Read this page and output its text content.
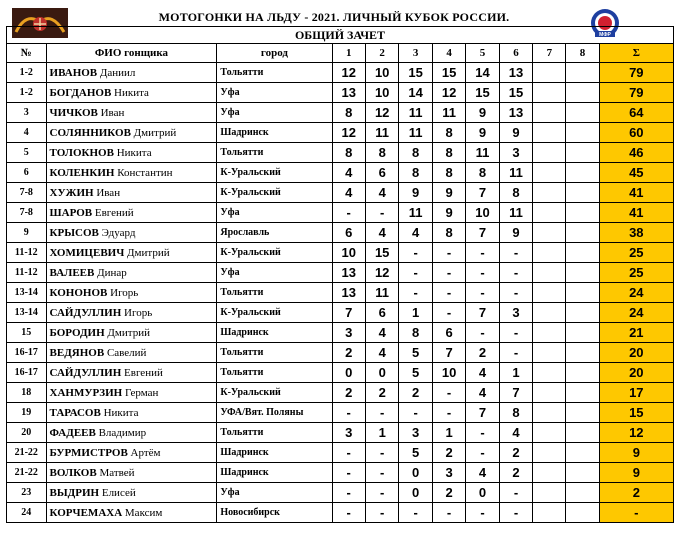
МОТОГОНКИ НА ЛЬДУ - 2021. ЛИЧНЫЙ КУБОК РОССИИ.
МФР
ОБЩИЙ ЗАЧЕТ											
№	ФИО гонщика	город	1	2	3	4	5	6	7	8	Σ
1-2	ИВАНОВ Даниил	Тольятти	12	10	15	15	14	13			79
1-2	БОГДАНОВ Никита	Уфа	13	10	14	12	15	15			79
3	ЧИЧКОВ Иван	Уфа	8	12	11	11	9	13			64
4	СОЛЯННИКОВ Дмитрий	Шадринск	12	11	11	8	9	9			60
5	ТОЛОКНОВ Никита	Тольятти	8	8	8	8	11	3			46
6	КОЛЕНКИН Константин	К-Уральский	4	6	8	8	8	11			45
7-8	ХУЖИН Иван	К-Уральский	4	4	9	9	7	8			41
7-8	ШАРОВ Евгений	Уфа	-	-	11	9	10	11			41
9	КРЫСОВ Эдуард	Ярославль	6	4	4	8	7	9			38
11-12	ХОМИЦЕВИЧ Дмитрий	К-Уральский	10	15	-	-	-	-			25
11-12	ВАЛЕЕВ Динар	Уфа	13	12	-	-	-	-			25
13-14	КОНОНОВ Игорь	Тольятти	13	11	-	-	-	-			24
13-14	САЙДУЛЛИН Игорь	К-Уральский	7	6	1	-	7	3			24
15	БОРОДИН Дмитрий	Шадринск	3	4	8	6	-	-			21
16-17	ВЕДЯНОВ Савелий	Тольятти	2	4	5	7	2	-			20
16-17	САЙДУЛЛИН Евгений	Тольятти	0	0	5	10	4	1			20
18	ХАНМУРЗИН Герман	К-Уральский	2	2	2	-	4	7			17
19	ТАРАСОВ Никита	УФА/Вят. Поляны	-	-	-	-	7	8			15
20	ФАДЕЕВ Владимир	Тольятти	3	1	3	1	-	4			12
21-22	БУРМИСТРОВ Артём	Шадринск	-	-	5	2	-	2			9
21-22	ВОЛКОВ Матвей	Шадринск	-	-	0	3	4	2			9
23	ВЫДРИН Елисей	Уфа	-	-	0	2	0	-			2
24	КОРЧЕМАХА Максим	Новосибирск	-	-	-	-	-	-			-
